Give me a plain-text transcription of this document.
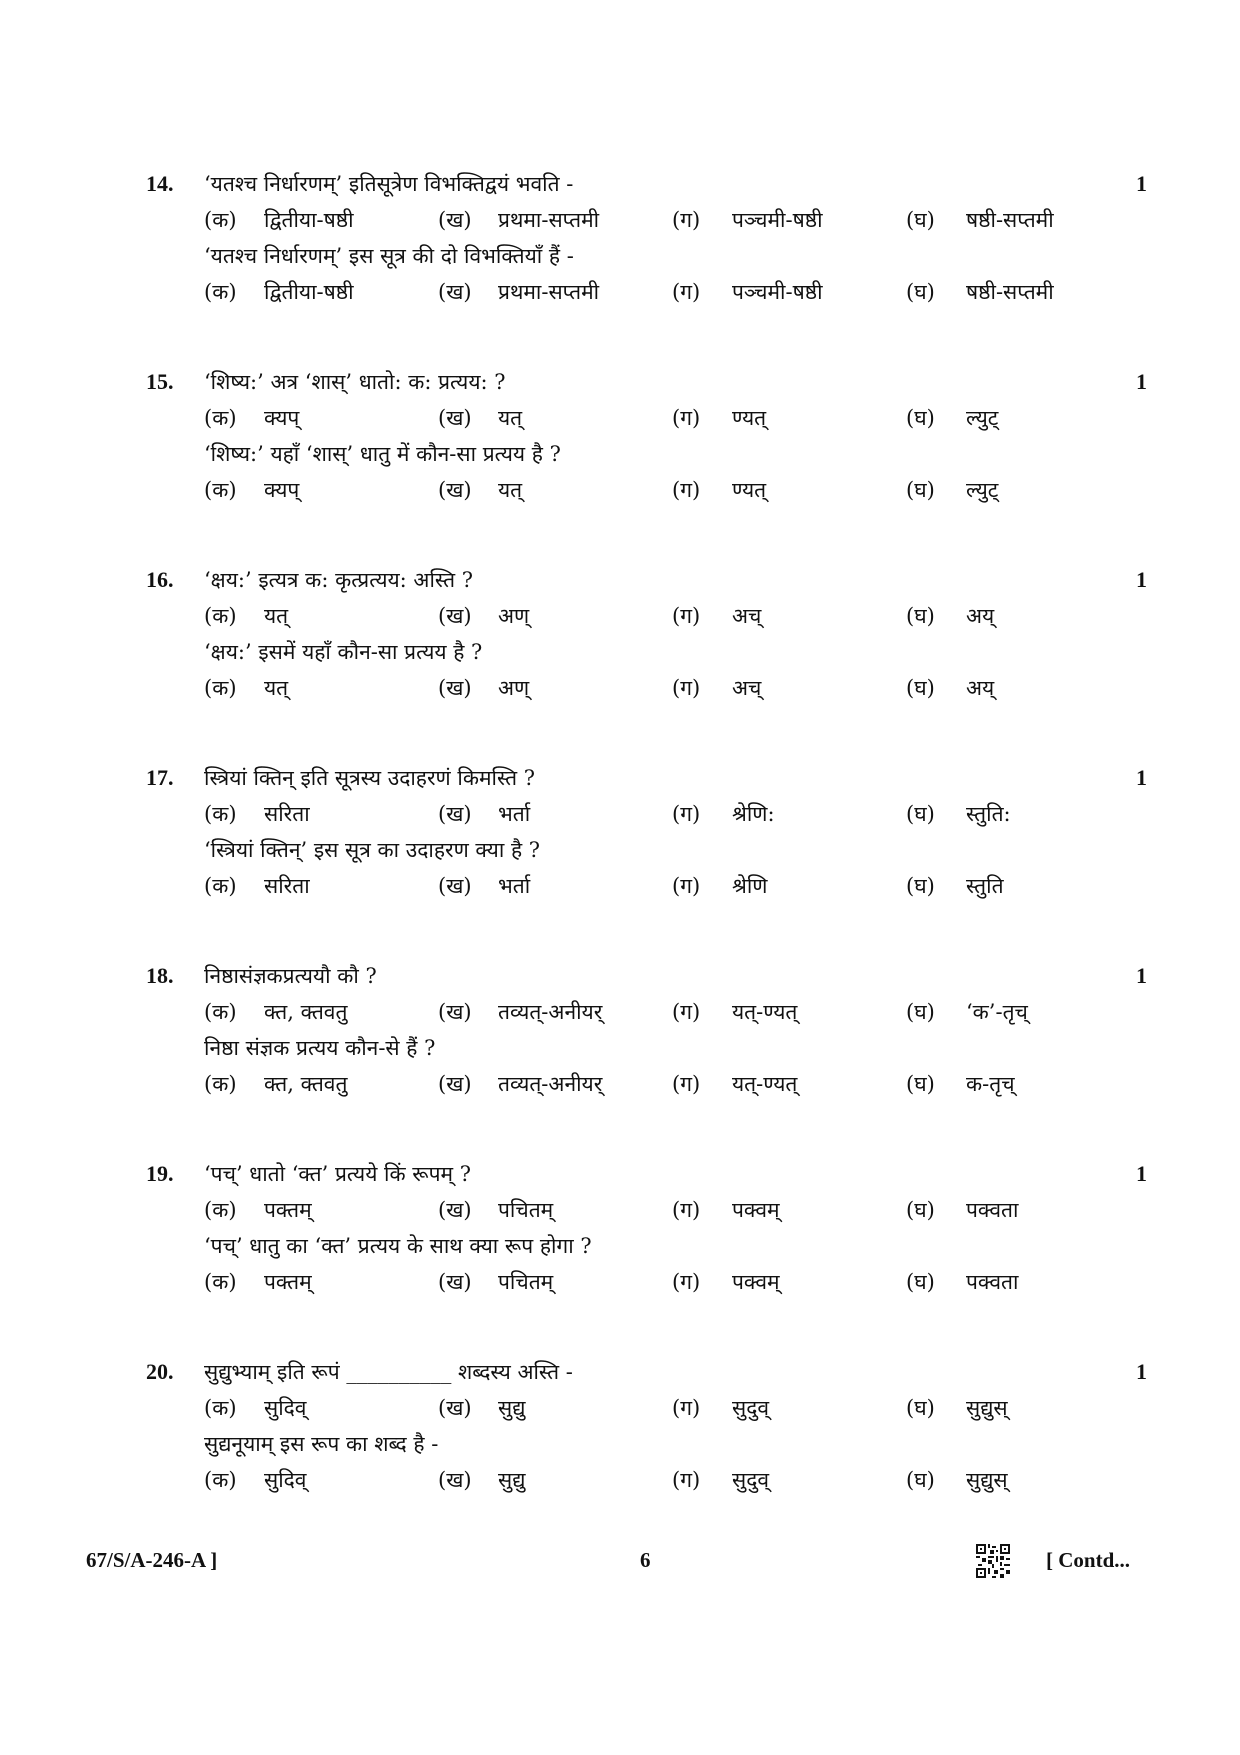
14.	‘यतश्च निर्धारणम्’ इतिसूत्रेण विभक्तिद्वयं भवति -	1
(क) द्वितीया-षष्ठी	(ख) प्रथमा-सप्तमी	(ग) पञ्चमी-षष्ठी	(घ) षष्ठी-सप्तमी
‘यतश्च निर्धारणम्’ इस सूत्र की दो विभक्तियाँ हैं -
(क) द्वितीया-षष्ठी	(ख) प्रथमा-सप्तमी	(ग) पञ्चमी-षष्ठी	(घ) षष्ठी-सप्तमी
15.	‘शिष्य:’ अत्र ‘शास्’ धातो: क: प्रत्यय: ?	1
(क) क्यप्	(ख) यत्	(ग) ण्यत्	(घ) ल्युट्
‘शिष्य:’ यहाँ ‘शास्’ धातु में कौन-सा प्रत्यय है ?
(क) क्यप्	(ख) यत्	(ग) ण्यत्	(घ) ल्युट्
16.	‘क्षय:’ इत्यत्र क: कृत्प्रत्यय: अस्ति ?	1
(क) यत्	(ख) अण्	(ग) अच्	(घ) अय्
‘क्षय:’ इसमें यहाँ कौन-सा प्रत्यय है ?
(क) यत्	(ख) अण्	(ग) अच्	(घ) अय्
17.	स्त्रियां क्तिन् इति सूत्रस्य उदाहरणं किमस्ति ?	1
(क) सरिता	(ख) भर्ता	(ग) श्रेणि:	(घ) स्तुति:
‘स्त्रियां क्तिन्’ इस सूत्र का उदाहरण क्या है ?
(क) सरिता	(ख) भर्ता	(ग) श्रेणि	(घ) स्तुति
18.	निष्ठासंज्ञकप्रत्ययौ कौ ?	1
(क) क्त, क्तवतु	(ख) तव्यत्-अनीयर्	(ग) यत्-ण्यत्	(घ) ‘क’-तृच्
निष्ठा संज्ञक प्रत्यय कौन-से हैं ?
(क) क्त, क्तवतु	(ख) तव्यत्-अनीयर्	(ग) यत्-ण्यत्	(घ) क-तृच्
19.	‘पच्’ धातो ‘क्त’ प्रत्यये किं रूपम् ?	1
(क) पक्तम्	(ख) पचितम्	(ग) पक्वम्	(घ) पक्वता
‘पच्’ धातु का ‘क्त’ प्रत्यय के साथ क्या रूप होगा ?
(क) पक्तम्	(ख) पचितम्	(ग) पक्वम्	(घ) पक्वता
20.	सुद्युभ्याम् इति रूपं __________ शब्दस्य अस्ति -	1
(क) सुदिव्	(ख) सुद्यु	(ग) सुदुव्	(घ) सुद्युस्
सुद्यनूयाम् इस रूप का शब्द है -
(क) सुदिव्	(ख) सुद्यु	(ग) सुदुव्	(घ) सुद्युस्
67/S/A-246-A ]	6	[ Contd...
